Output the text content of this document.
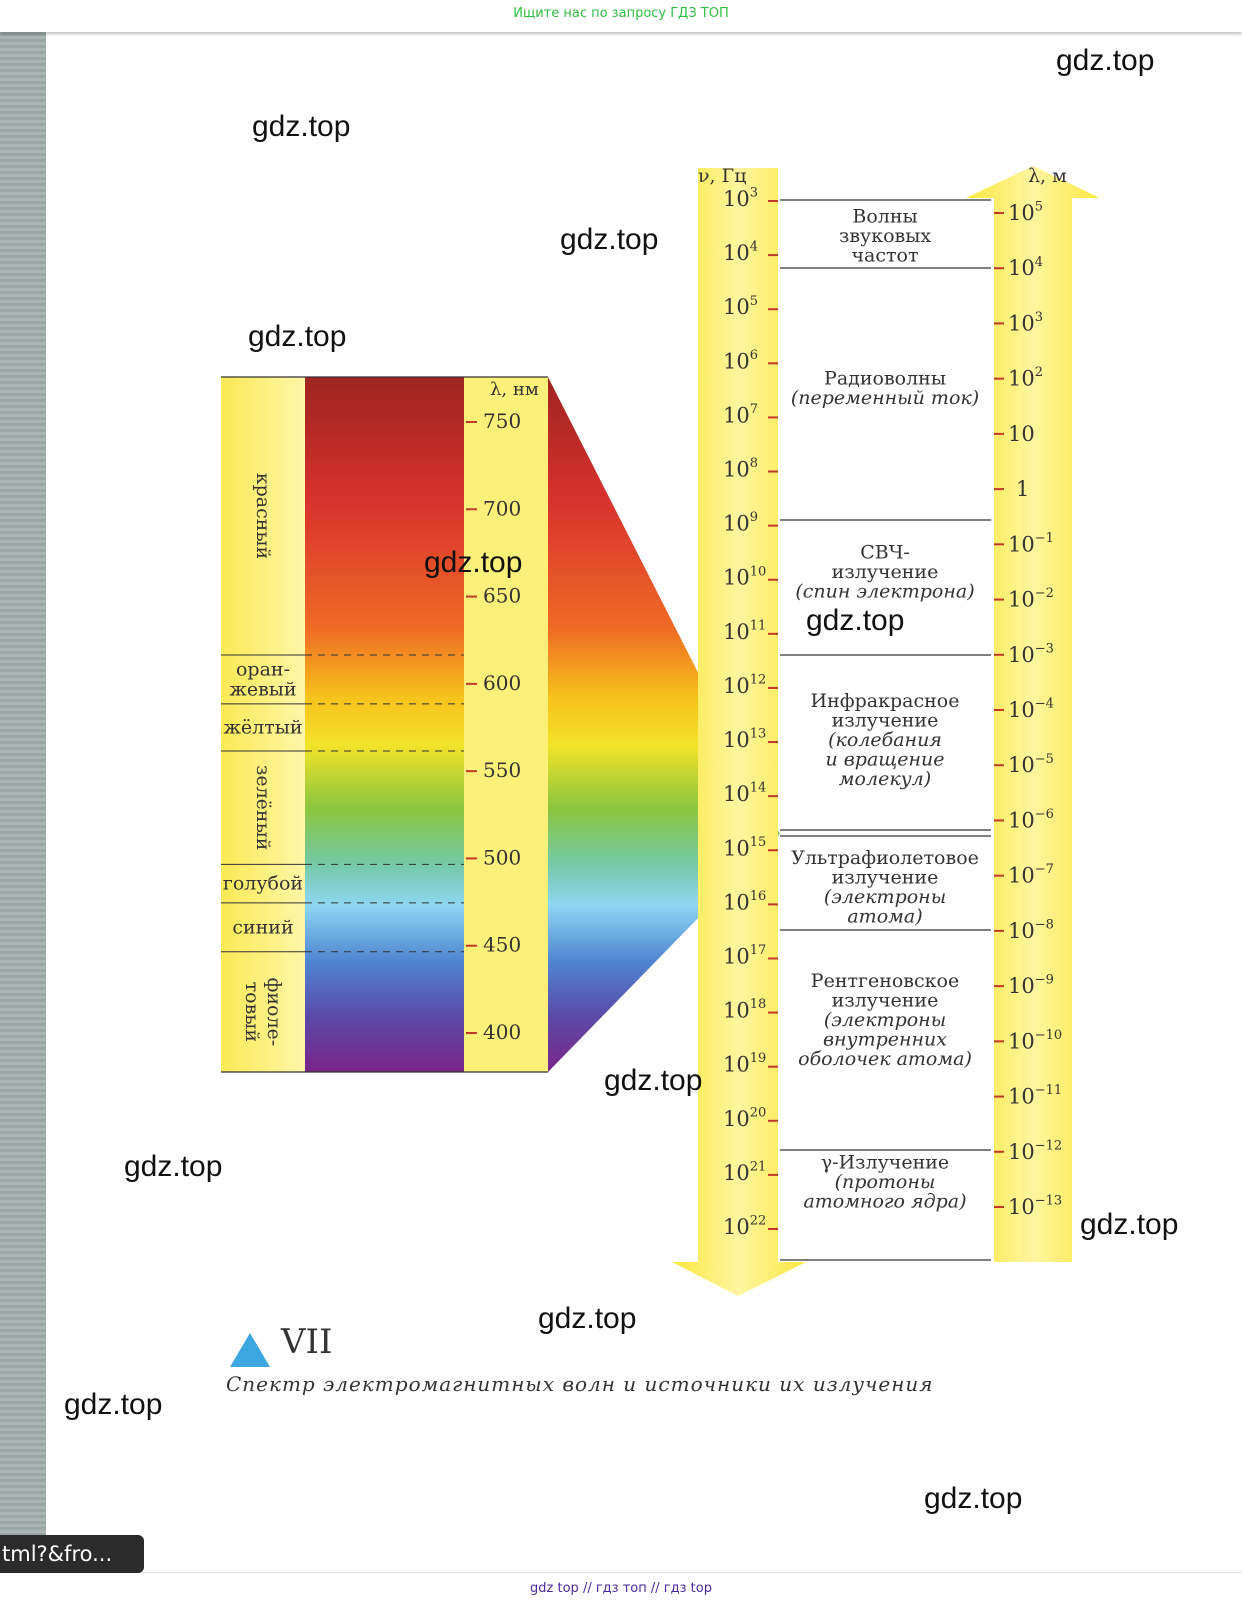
Ищите нас по запросу ГДЗ ТОП
λ, нм
750
700
650
600
550
500
450
400
красный
оран-
жевый
жёлтый
зелёный
голубой
синий
фиоле-
товый
ν, Гц
$10^3$
$10^4$
$10^5$
$10^6$
$10^7$
$10^8$
$10^9$
$10^{10}$
$10^{11}$
$10^{12}$
$10^{13}$
$10^{14}$
$10^{15}$
$10^{16}$
$10^{17}$
$10^{18}$
$10^{19}$
$10^{20}$
$10^{21}$
$10^{22}$
Волны
звуковых
частот
Радиоволны
(переменный ток)
СВЧ-
излучение
(спин электрона)
Инфракрасное
излучение
(колебания
и вращение
молекул)
Ультрафиолетовое
излучение
(электроны
атома)
Рентгеновское
излучение
(электроны
внутренних
оболочек атома)
γ-Излучение
(протоны
атомного ядра)
λ, м
$10^5$
$10^4$
$10^3$
$10^2$
10
1
$10^{-1}$
$10^{-2}$
$10^{-3}$
$10^{-4}$
$10^{-5}$
$10^{-6}$
$10^{-7}$
$10^{-8}$
$10^{-9}$
$10^{-10}$
$10^{-11}$
$10^{-12}$
$10^{-13}$
VII
Спектр электромагнитных волн и источники их излучения
gdz.top
gdz.top
gdz.top
gdz.top
gdz.top
gdz.top
gdz.top
gdz.top
gdz.top
gdz.top
gdz.top
gdz.top
tml?&fro...
gdz top // гдз топ // гдз top
